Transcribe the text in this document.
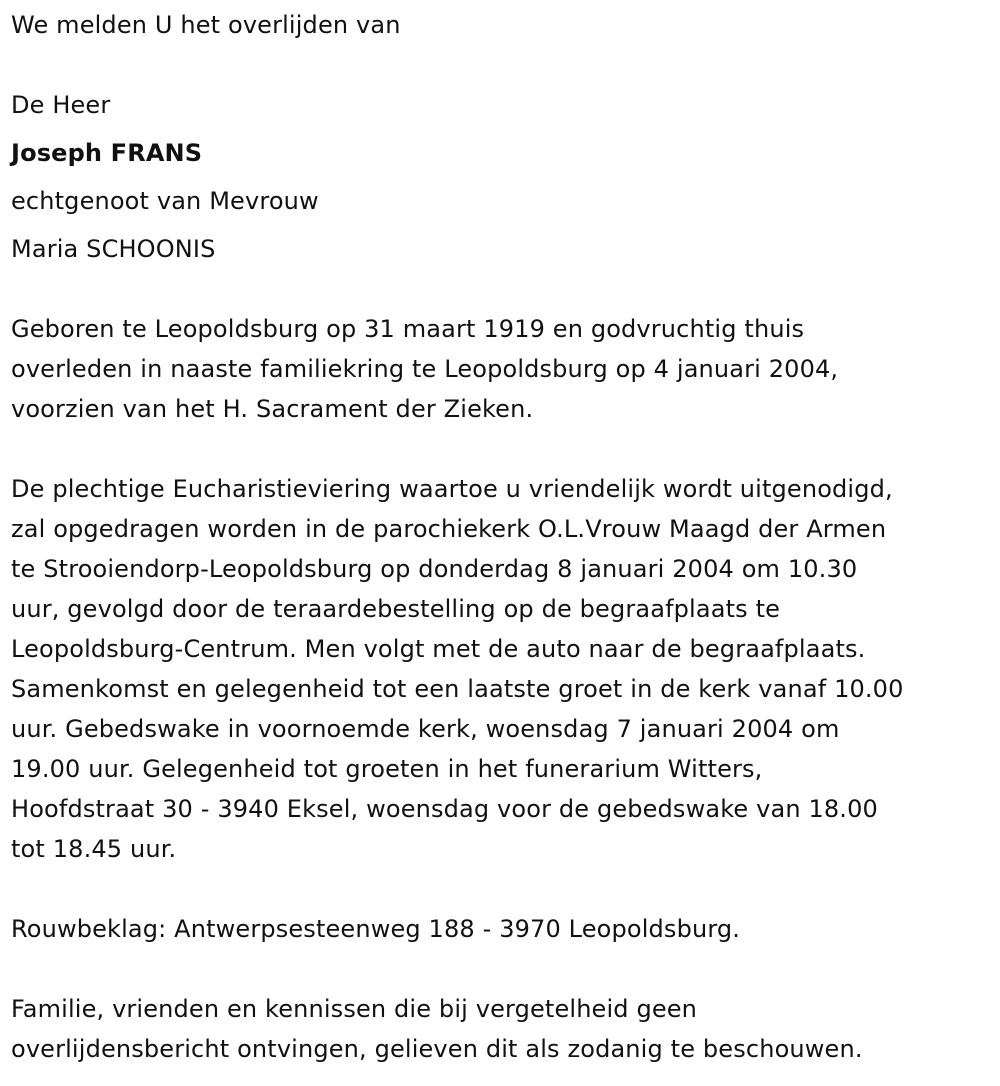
We melden U het overlijden van
De Heer
Joseph FRANS
echtgenoot van Mevrouw
Maria SCHOONIS
Geboren te Leopoldsburg op 31 maart 1919 en godvruchtig thuis
overleden in naaste familiekring te Leopoldsburg op 4 januari 2004,
voorzien van het H. Sacrament der Zieken.
De plechtige Eucharistieviering waartoe u vriendelijk wordt uitgenodigd,
zal opgedragen worden in de parochiekerk O.L.Vrouw Maagd der Armen
te Strooiendorp-Leopoldsburg op donderdag 8 januari 2004 om 10.30
uur, gevolgd door de teraardebestelling op de begraafplaats te
Leopoldsburg-Centrum. Men volgt met de auto naar de begraafplaats.
Samenkomst en gelegenheid tot een laatste groet in de kerk vanaf 10.00
uur. Gebedswake in voornoemde kerk, woensdag 7 januari 2004 om
19.00 uur. Gelegenheid tot groeten in het funerarium Witters,
Hoofdstraat 30 - 3940 Eksel, woensdag voor de gebedswake van 18.00
tot 18.45 uur.
Rouwbeklag: Antwerpsesteenweg 188 - 3970 Leopoldsburg.
Familie, vrienden en kennissen die bij vergetelheid geen
overlijdensbericht ontvingen, gelieven dit als zodanig te beschouwen.
